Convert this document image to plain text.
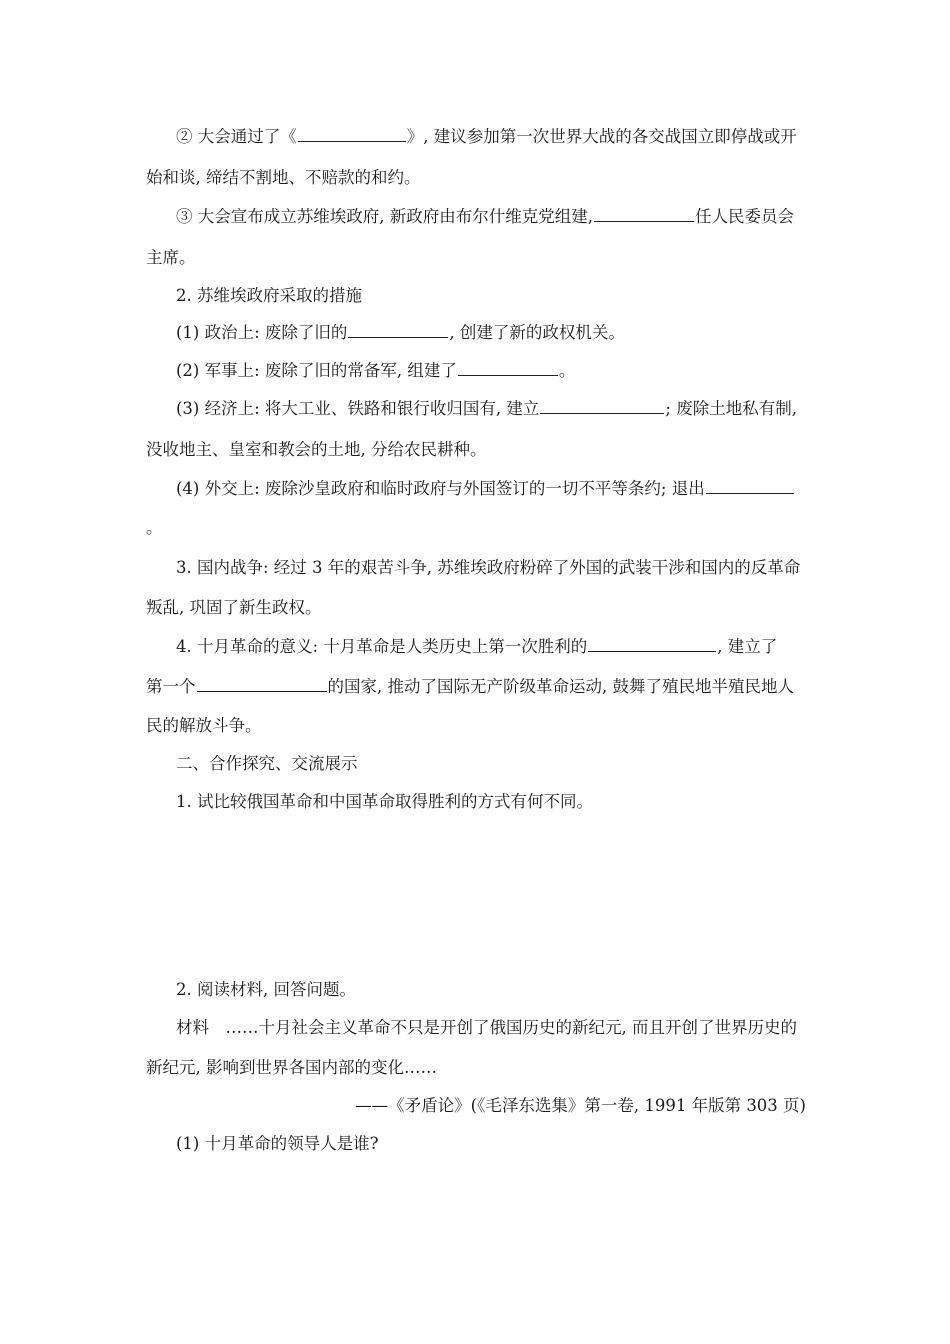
② 大会通过了《	》, 建议参加第一次世界大战的各交战国立即停战或开
始和谈, 缔结不割地、不赔款的和约。
③ 大会宣布成立苏维埃政府, 新政府由布尔什维克党组建,	任人民委员会
主席。
2. 苏维埃政府采取的措施
(1) 政治上: 废除了旧的	, 创建了新的政权机关。
(2) 军事上: 废除了旧的常备军, 组建了	。
(3) 经济上: 将大工业、铁路和银行收归国有, 建立	; 废除土地私有制,
没收地主、皇室和教会的土地, 分给农民耕种。
(4) 外交上: 废除沙皇政府和临时政府与外国签订的一切不平等条约; 退出
。
3. 国内战争: 经过 3 年的艰苦斗争, 苏维埃政府粉碎了外国的武装干涉和国内的反革命
叛乱, 巩固了新生政权。
4. 十月革命的意义: 十月革命是人类历史上第一次胜利的	, 建立了
第一个	的国家, 推动了国际无产阶级革命运动, 鼓舞了殖民地半殖民地人
民的解放斗争。
二、合作探究、交流展示
1. 试比较俄国革命和中国革命取得胜利的方式有何不同。
2. 阅读材料, 回答问题。
材料　……十月社会主义革命不只是开创了俄国历史的新纪元, 而且开创了世界历史的
新纪元, 影响到世界各国内部的变化……
——《矛盾论》(《毛泽东选集》第一卷, 1991 年版第 303 页)
(1) 十月革命的领导人是谁?
